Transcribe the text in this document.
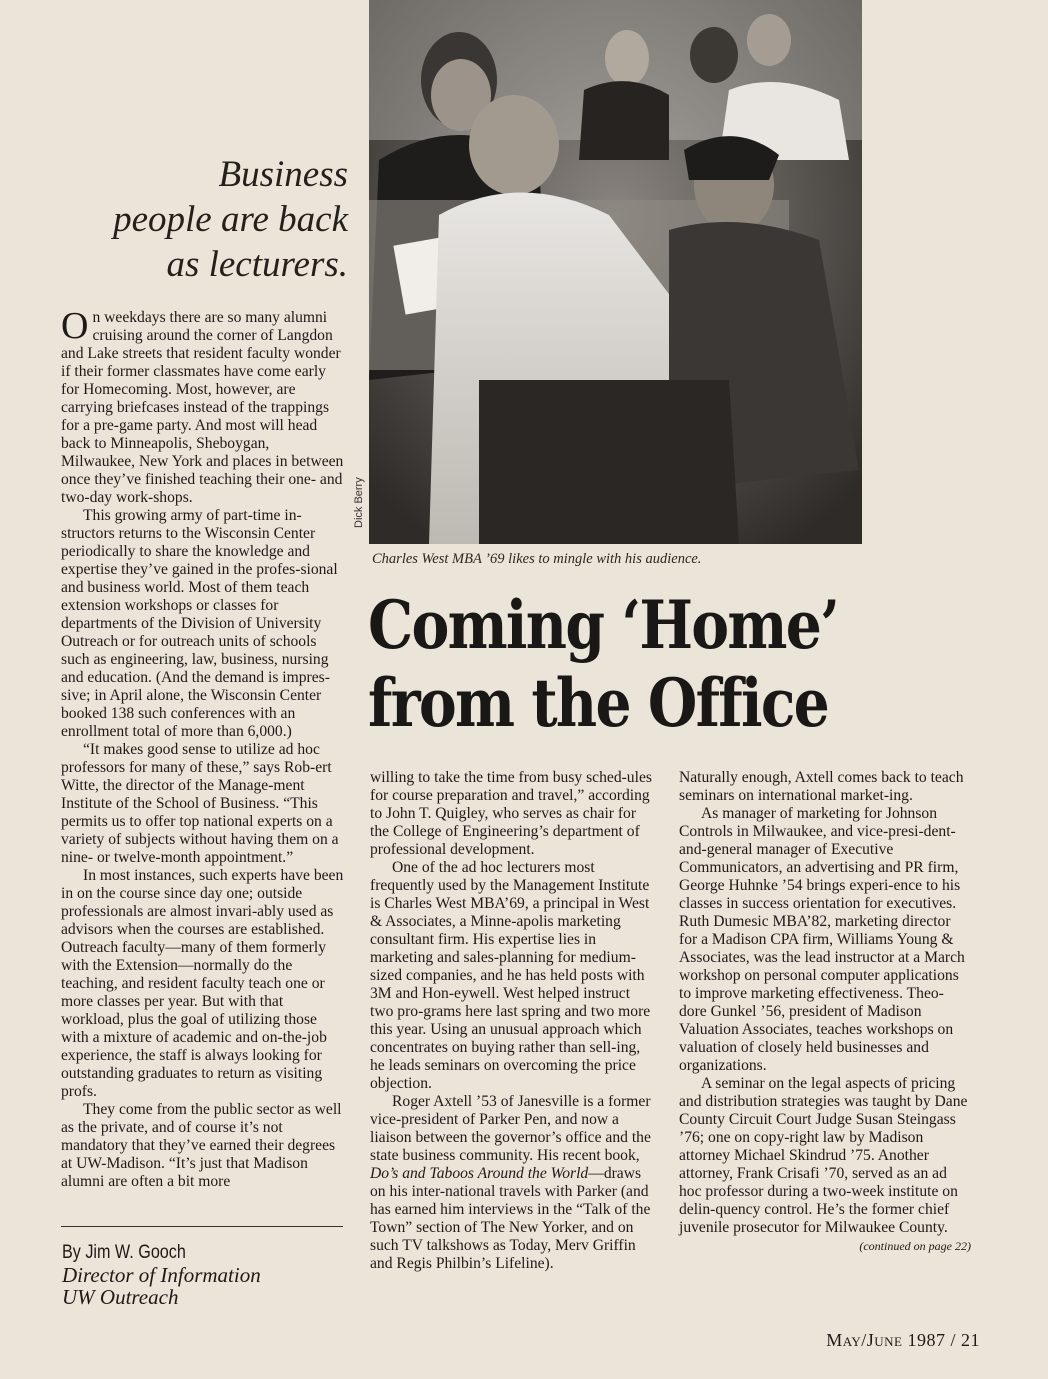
Business
people are back
as lecturers.
Dick Berry
Charles West MBA ’69 likes to mingle with his audience.
Coming ‘Home’
from the Office

On weekdays there are so many alumni cruising around the corner of Langdon and Lake streets that resident faculty wonder if their former classmates have come early for Homecoming. Most, however, are carrying briefcases instead of the trappings for a pre-game party. And most will head back to Minneapolis, Sheboygan, Milwaukee, New York and places in between once they’ve finished teaching their one- and two-day work-shops.

This growing army of part-time in-structors returns to the Wisconsin Center periodically to share the knowledge and expertise they’ve gained in the profes-sional and business world. Most of them teach extension workshops or classes for departments of the Division of University Outreach or for outreach units of schools such as engineering, law, business, nursing and education. (And the demand is impres-sive; in April alone, the Wisconsin Center booked 138 such conferences with an enrollment total of more than 6,000.)

“It makes good sense to utilize ad hoc professors for many of these,” says Rob-ert Witte, the director of the Manage-ment Institute of the School of Business. “This permits us to offer top national experts on a variety of subjects without having them on a nine- or twelve-month appointment.”

In most instances, such experts have been in on the course since day one; outside professionals are almost invari-ably used as advisors when the courses are established. Outreach faculty—many of them formerly with the Extension—normally do the teaching, and resident faculty teach one or more classes per year. But with that workload, plus the goal of utilizing those with a mixture of academic and on-the-job experience, the staff is always looking for outstanding graduates to return as visiting profs.

They come from the public sector as well as the private, and of course it’s not mandatory that they’ve earned their degrees at UW-Madison. “It’s just that Madison alumni are often a bit more

By Jim W. Gooch
Director of Information
UW Outreach

willing to take the time from busy sched-ules for course preparation and travel,” according to John T. Quigley, who serves as chair for the College of Engineering’s department of professional development.

One of the ad hoc lecturers most frequently used by the Management Institute is Charles West MBA’69, a principal in West & Associates, a Minne-apolis marketing consultant firm. His expertise lies in marketing and sales-planning for medium-sized companies, and he has held posts with 3M and Hon-eywell. West helped instruct two pro-grams here last spring and two more this year. Using an unusual approach which concentrates on buying rather than sell-ing, he leads seminars on overcoming the price objection.

Roger Axtell ’53 of Janesville is a former vice-president of Parker Pen, and now a liaison between the governor’s office and the state business community. His recent book, Do’s and Taboos Around the World—draws on his inter-national travels with Parker (and has earned him interviews in the “Talk of the Town” section of The New Yorker, and on such TV talkshows as Today, Merv Griffin and Regis Philbin’s Lifeline).

Naturally enough, Axtell comes back to teach seminars on international market-ing.

As manager of marketing for Johnson Controls in Milwaukee, and vice-presi-dent-and-general manager of Executive Communicators, an advertising and PR firm, George Huhnke ’54 brings experi-ence to his classes in success orientation for executives. Ruth Dumesic MBA’82, marketing director for a Madison CPA firm, Williams Young & Associates, was the lead instructor at a March workshop on personal computer applications to improve marketing effectiveness. Theo-dore Gunkel ’56, president of Madison Valuation Associates, teaches workshops on valuation of closely held businesses and organizations.

A seminar on the legal aspects of pricing and distribution strategies was taught by Dane County Circuit Court Judge Susan Steingass ’76; one on copy-right law by Madison attorney Michael Skindrud ’75. Another attorney, Frank Crisafi ’70, served as an ad hoc professor during a two-week institute on delin-quency control. He’s the former chief juvenile prosecutor for Milwaukee County.
(continued on page 22)

May/June 1987 / 21
